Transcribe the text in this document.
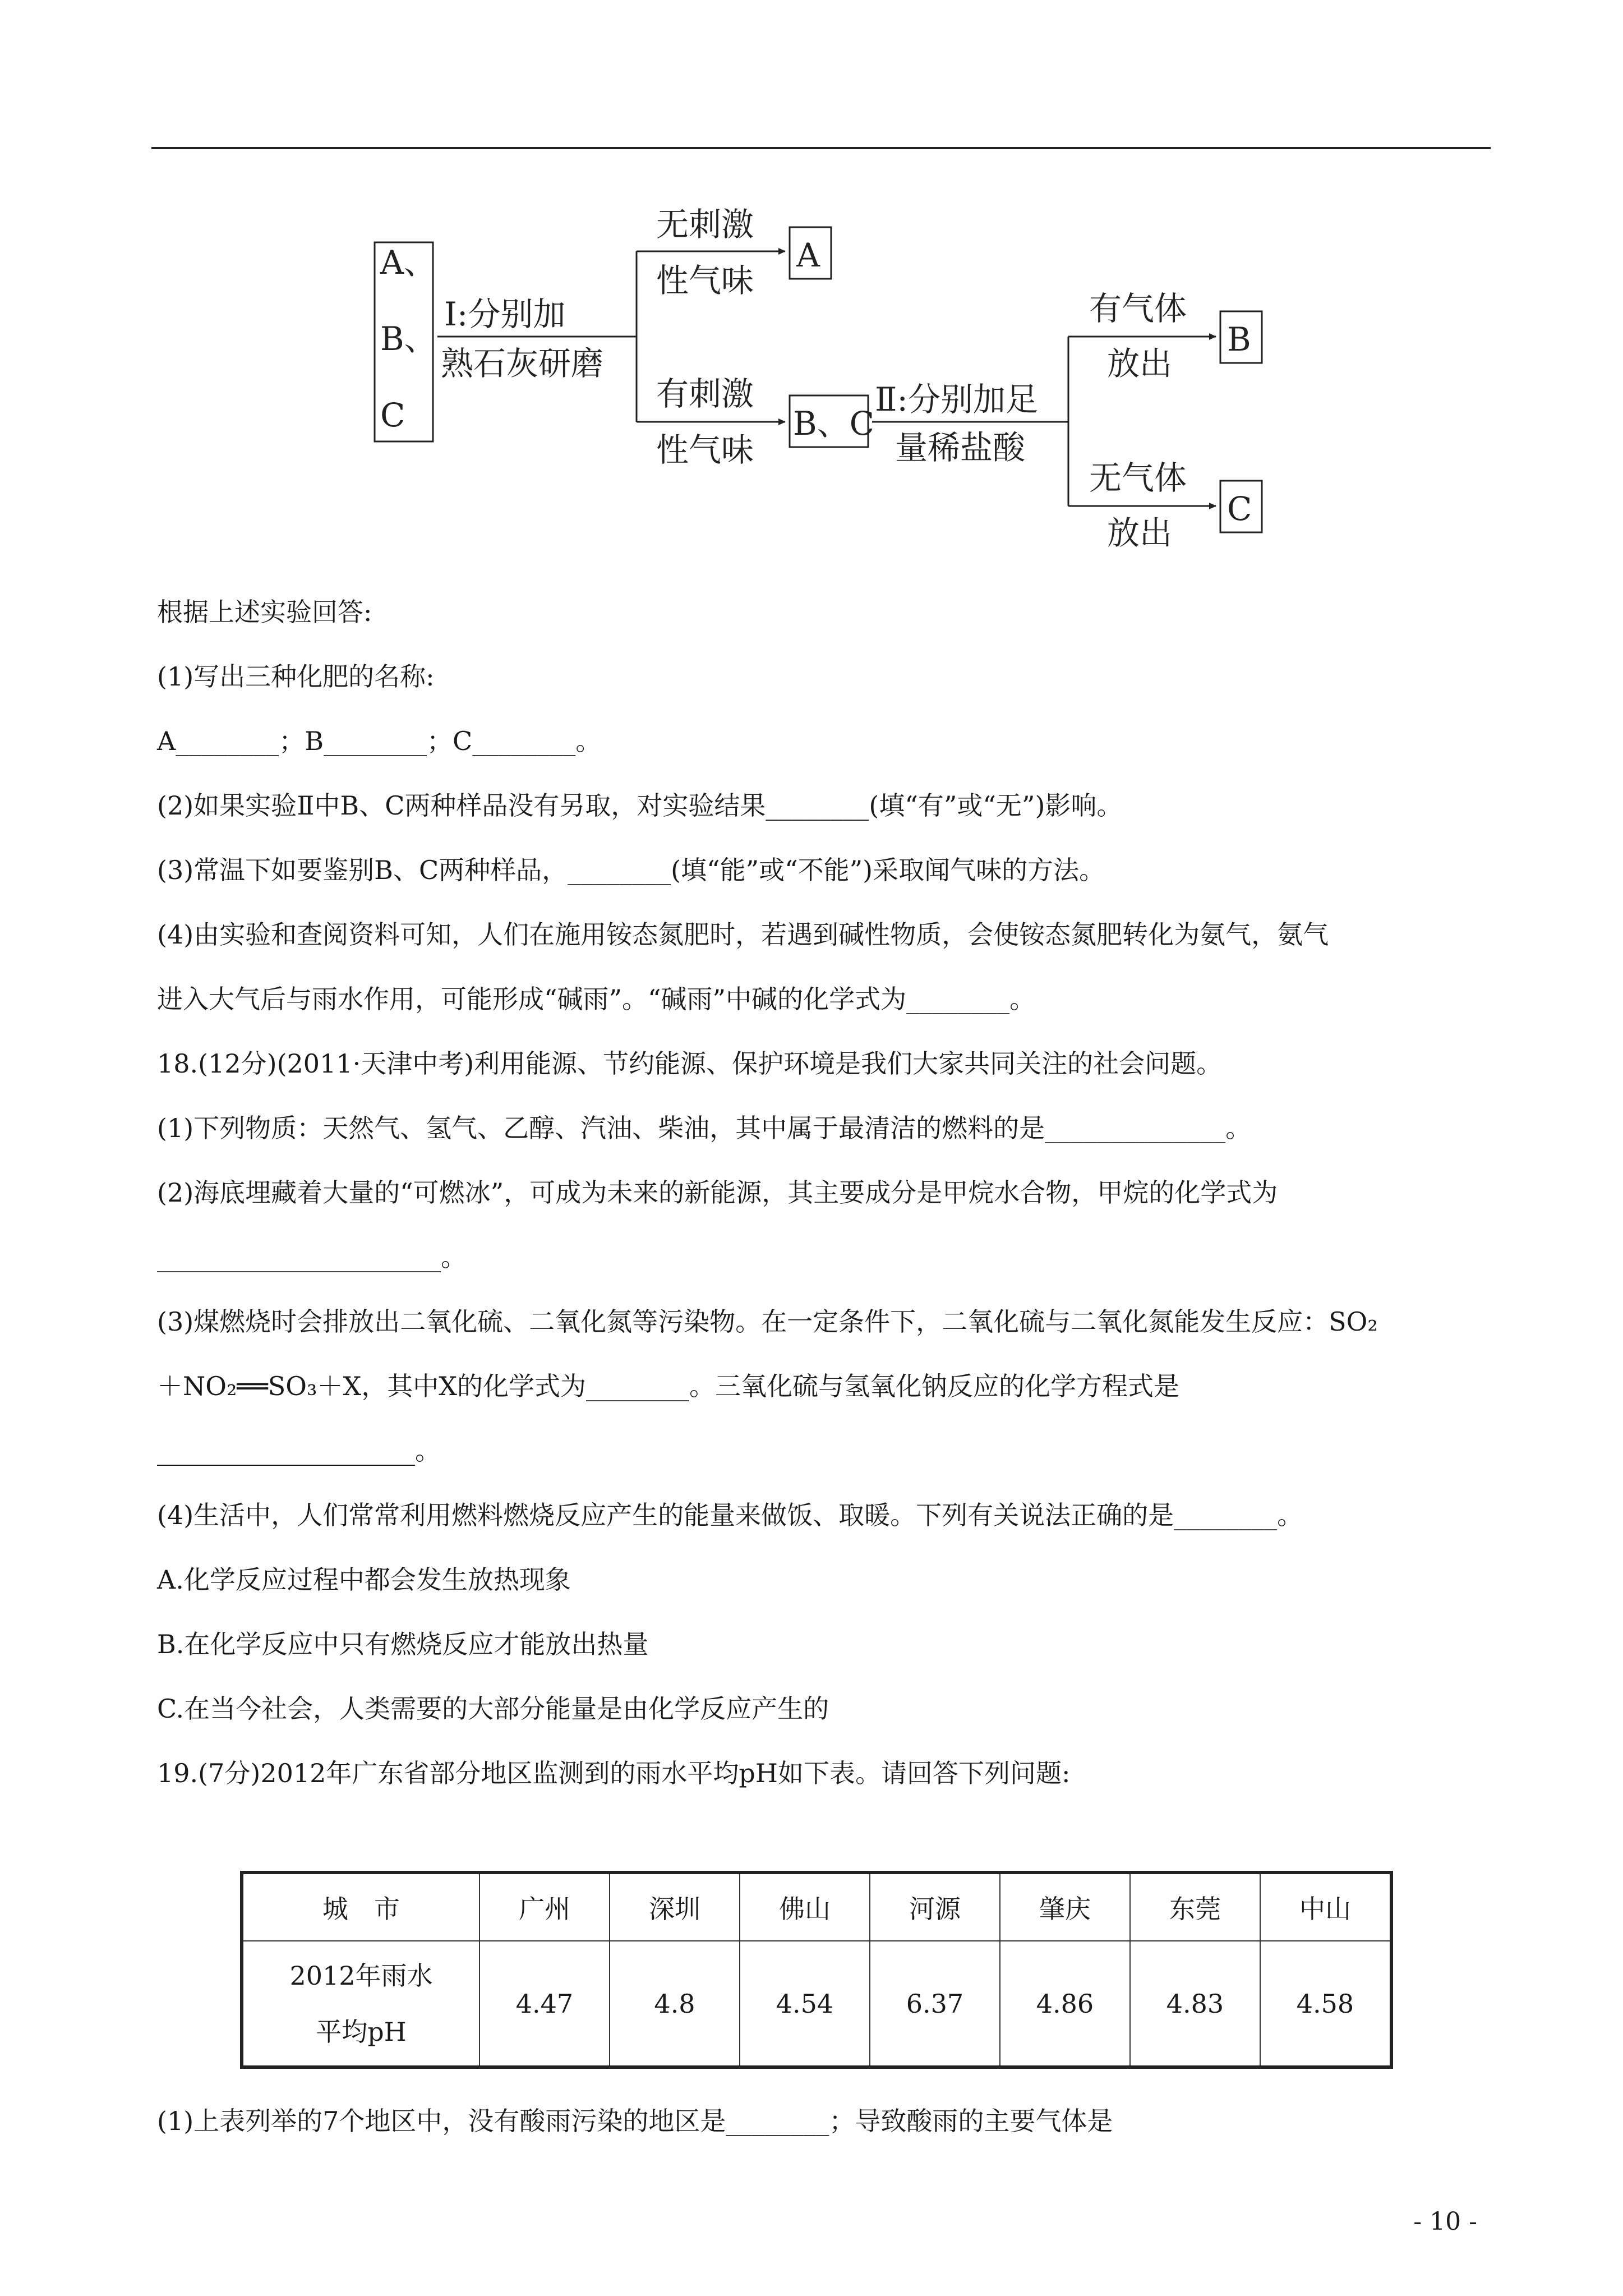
A、
B、
C
Ⅰ:分别加
熟石灰研磨
无刺激
性气味
A
有刺激
性气味
B、C
Ⅱ:分别加足
量稀盐酸
有气体
放出
B
无气体
放出
C
根据上述实验回答:
(1)写出三种化肥的名称:
A________；B________；C________。
(2)如果实验Ⅱ中B、C两种样品没有另取，对实验结果________(填“有”或“无”)影响。
(3)常温下如要鉴别B、C两种样品，________(填“能”或“不能”)采取闻气味的方法。
(4)由实验和查阅资料可知，人们在施用铵态氮肥时，若遇到碱性物质，会使铵态氮肥转化为氨气，氨气
进入大气后与雨水作用，可能形成“碱雨”。“碱雨”中碱的化学式为________。
18.(12分)(2011·天津中考)利用能源、节约能源、保护环境是我们大家共同关注的社会问题。
(1)下列物质：天然气、氢气、乙醇、汽油、柴油，其中属于最清洁的燃料的是______________。
(2)海底埋藏着大量的“可燃冰”，可成为未来的新能源，其主要成分是甲烷水合物，甲烷的化学式为
______________________。
(3)煤燃烧时会排放出二氧化硫、二氧化氮等污染物。在一定条件下，二氧化硫与二氧化氮能发生反应：SO₂
＋NO₂══SO₃＋X，其中X的化学式为________。三氧化硫与氢氧化钠反应的化学方程式是
____________________。
(4)生活中，人们常常利用燃料燃烧反应产生的能量来做饭、取暖。下列有关说法正确的是________。
A.化学反应过程中都会发生放热现象
B.在化学反应中只有燃烧反应才能放出热量
C.在当今社会，人类需要的大部分能量是由化学反应产生的
19.(7分)2012年广东省部分地区监测到的雨水平均pH如下表。请回答下列问题:
城　市	广州	深圳	佛山	河源	肇庆	东莞	中山

2012年雨水
平均pH	4.47	4.8	4.54	6.37	4.86	4.83	4.58
(1)上表列举的7个地区中，没有酸雨污染的地区是________；导致酸雨的主要气体是
- 10 -
